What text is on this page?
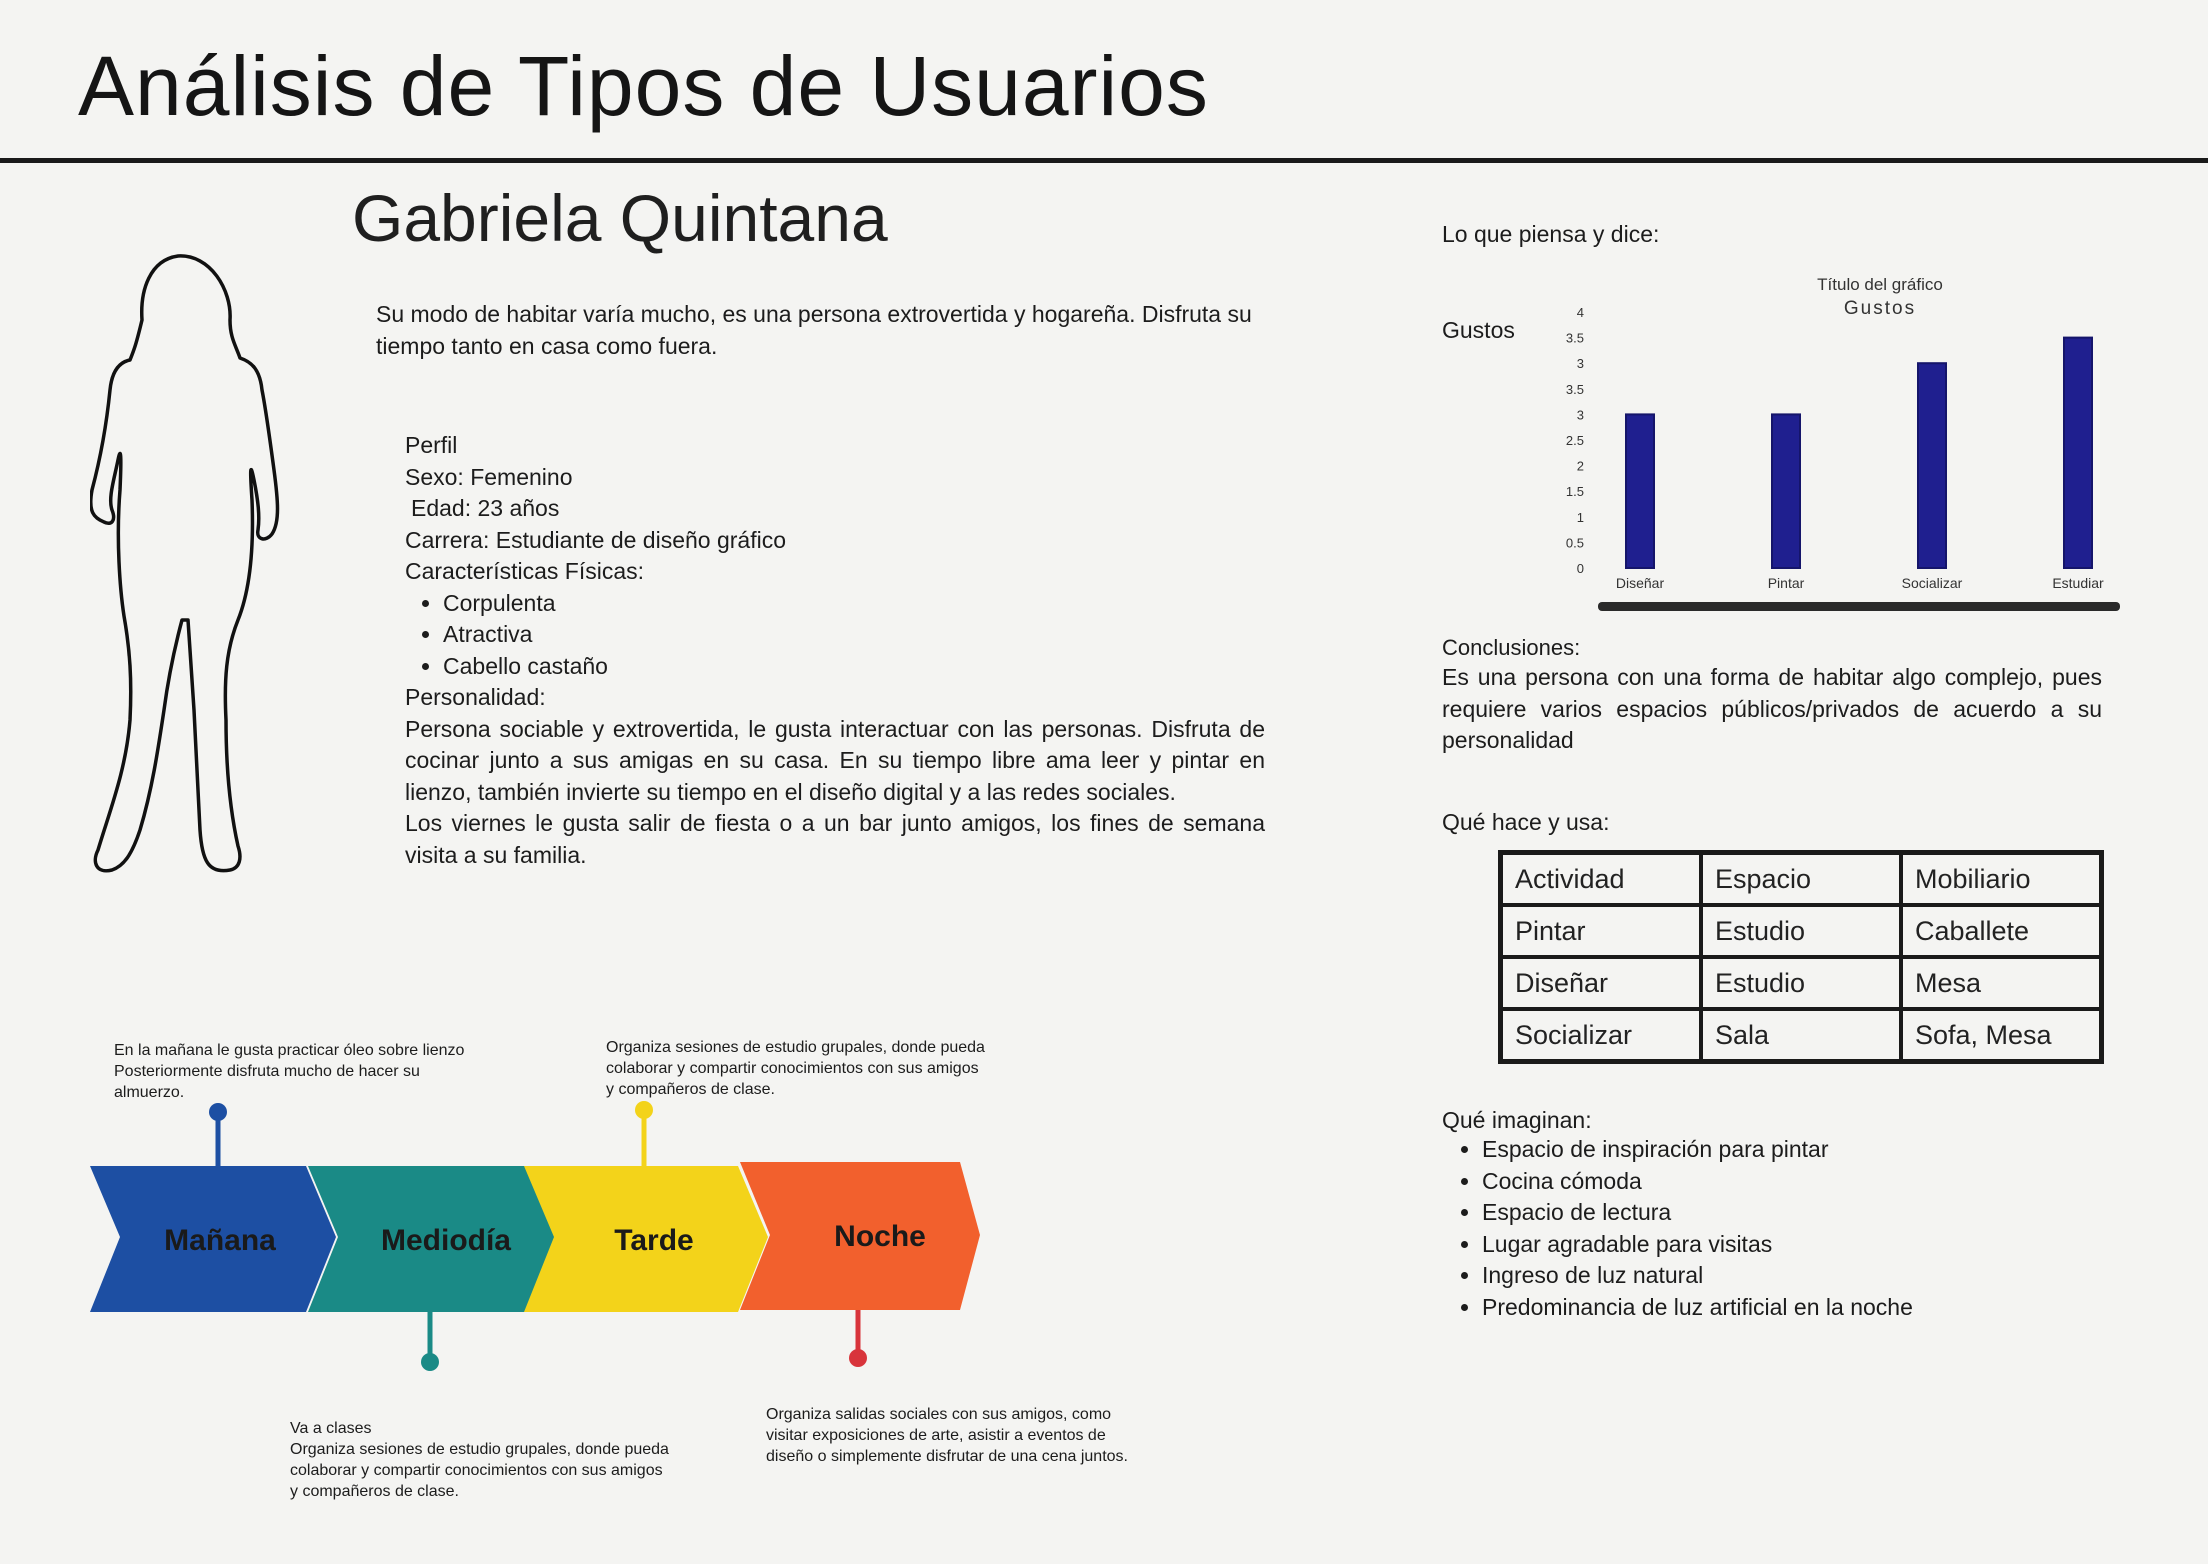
Análisis de Tipos de Usuarios
Gabriela Quintana
Su modo de habitar varía mucho, es una persona extrovertida y hogareña. Disfruta su tiempo tanto en casa como fuera.
Perfil
Sexo: Femenino
Edad: 23 años
Carrera: Estudiante de diseño gráfico
Características Físicas:
• Corpulenta
• Atractiva
• Cabello castaño
Personalidad:
Persona sociable y extrovertida, le gusta interactuar con las personas. Disfruta de cocinar junto a sus amigas en su casa. En su tiempo libre ama leer y pintar en lienzo, también invierte su tiempo en el diseño digital y a las redes sociales.
Los viernes le gusta salir de fiesta o a un bar junto amigos, los fines de semana visita a su familia.
Lo que piensa y dice:
Gustos
Título del gráfico
Gustos
0
0.5
1
1.5
2
2.5
3
3.5
3
3.5
4
Diseñar	Pintar	Socializar	Estudiar
Conclusiones:
Es una persona con una forma de habitar algo complejo, pues requiere varios espacios públicos/privados de acuerdo a su personalidad
Qué hace y usa:
Actividad	Espacio	Mobiliario
Pintar	Estudio	Caballete
Diseñar	Estudio	Mesa
Socializar	Sala	Sofa, Mesa
Qué imaginan:
• Espacio de inspiración para pintar
• Cocina cómoda
• Espacio de lectura
• Lugar agradable para visitas
• Ingreso de luz natural
• Predominancia de luz artificial en la noche
Mañana	Mediodía	Tarde	Noche
En la mañana le gusta practicar óleo sobre lienzo
Posteriormente disfruta mucho de hacer su almuerzo.
Organiza sesiones de estudio grupales, donde pueda colaborar y compartir conocimientos con sus amigos y compañeros de clase.
Va a clases
Organiza sesiones de estudio grupales, donde pueda colaborar y compartir conocimientos con sus amigos y compañeros de clase.
Organiza salidas sociales con sus amigos, como visitar exposiciones de arte, asistir a eventos de diseño o simplemente disfrutar de una cena juntos.
